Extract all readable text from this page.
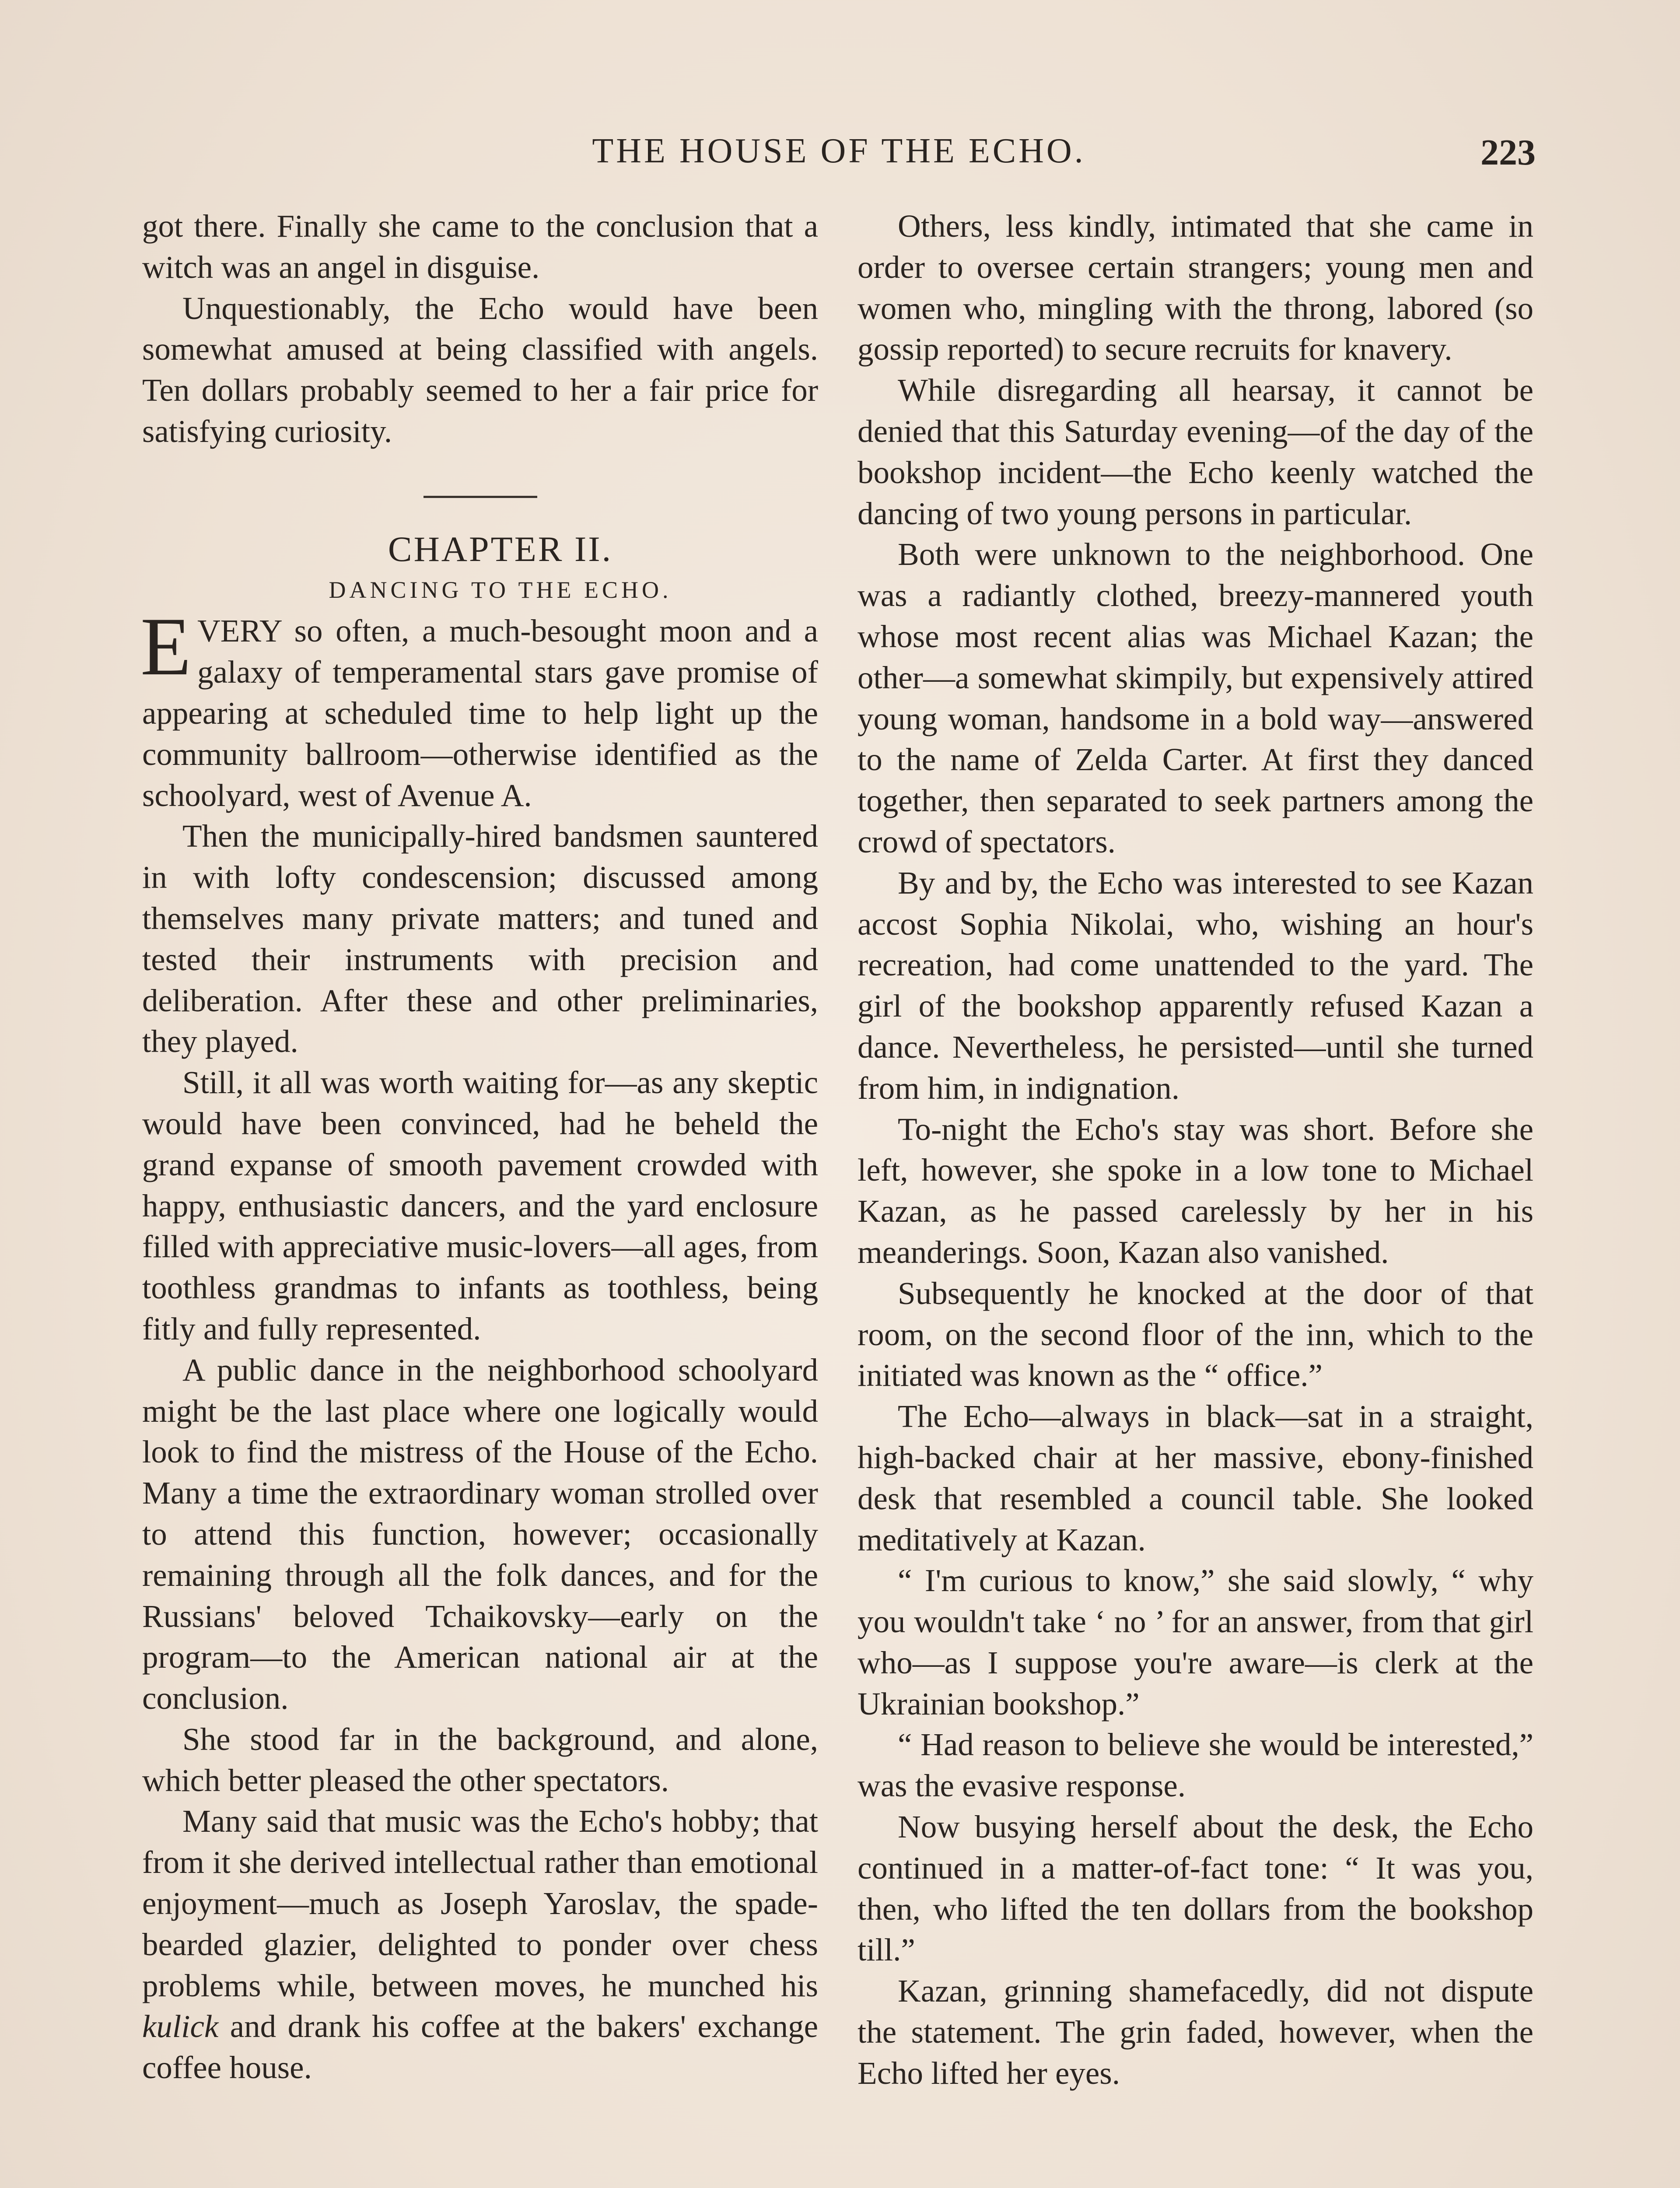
THE HOUSE OF THE ECHO.	223

got there. Finally she came to the conclusion that a witch was an angel in disguise.

Unquestionably, the Echo would have been somewhat amused at being classified with angels. Ten dollars probably seemed to her a fair price for satisfying curiosity.

CHAPTER II.

DANCING TO THE ECHO.

EVERY so often, a much-besought moon and a galaxy of temperamental stars gave promise of appearing at scheduled time to help light up the community ballroom—otherwise identified as the schoolyard, west of Avenue A.

Then the municipally-hired bandsmen sauntered in with lofty condescension; discussed among themselves many private matters; and tuned and tested their instruments with precision and deliberation. After these and other preliminaries, they played.

Still, it all was worth waiting for—as any skeptic would have been convinced, had he beheld the grand expanse of smooth pavement crowded with happy, enthusiastic dancers, and the yard enclosure filled with appreciative music-lovers—all ages, from toothless grandmas to infants as toothless, being fitly and fully represented.

A public dance in the neighborhood schoolyard might be the last place where one logically would look to find the mistress of the House of the Echo. Many a time the extraordinary woman strolled over to attend this function, however; occasionally remaining through all the folk dances, and for the Russians' beloved Tchaikovsky—early on the program—to the American national air at the conclusion.

She stood far in the background, and alone, which better pleased the other spectators.

Many said that music was the Echo's hobby; that from it she derived intellectual rather than emotional enjoyment—much as Joseph Yaroslav, the spade-bearded glazier, delighted to ponder over chess problems while, between moves, he munched his kulick and drank his coffee at the bakers' exchange coffee house.

Others, less kindly, intimated that she came in order to oversee certain strangers; young men and women who, mingling with the throng, labored (so gossip reported) to secure recruits for knavery.

While disregarding all hearsay, it cannot be denied that this Saturday evening—of the day of the bookshop incident—the Echo keenly watched the dancing of two young persons in particular.

Both were unknown to the neighborhood. One was a radiantly clothed, breezy-mannered youth whose most recent alias was Michael Kazan; the other—a somewhat skimpily, but expensively attired young woman, handsome in a bold way—answered to the name of Zelda Carter. At first they danced together, then separated to seek partners among the crowd of spectators.

By and by, the Echo was interested to see Kazan accost Sophia Nikolai, who, wishing an hour's recreation, had come unattended to the yard. The girl of the bookshop apparently refused Kazan a dance. Nevertheless, he persisted—until she turned from him, in indignation.

To-night the Echo's stay was short. Before she left, however, she spoke in a low tone to Michael Kazan, as he passed carelessly by her in his meanderings. Soon, Kazan also vanished.

Subsequently he knocked at the door of that room, on the second floor of the inn, which to the initiated was known as the “ office.”

The Echo—always in black—sat in a straight, high-backed chair at her massive, ebony-finished desk that resembled a council table. She looked meditatively at Kazan.

“ I'm curious to know,” she said slowly, “ why you wouldn't take ‘ no ’ for an answer, from that girl who—as I suppose you're aware—is clerk at the Ukrainian bookshop.”

“ Had reason to believe she would be interested,” was the evasive response.

Now busying herself about the desk, the Echo continued in a matter-of-fact tone: “ It was you, then, who lifted the ten dollars from the bookshop till.”

Kazan, grinning shamefacedly, did not dispute the statement. The grin faded, however, when the Echo lifted her eyes.
